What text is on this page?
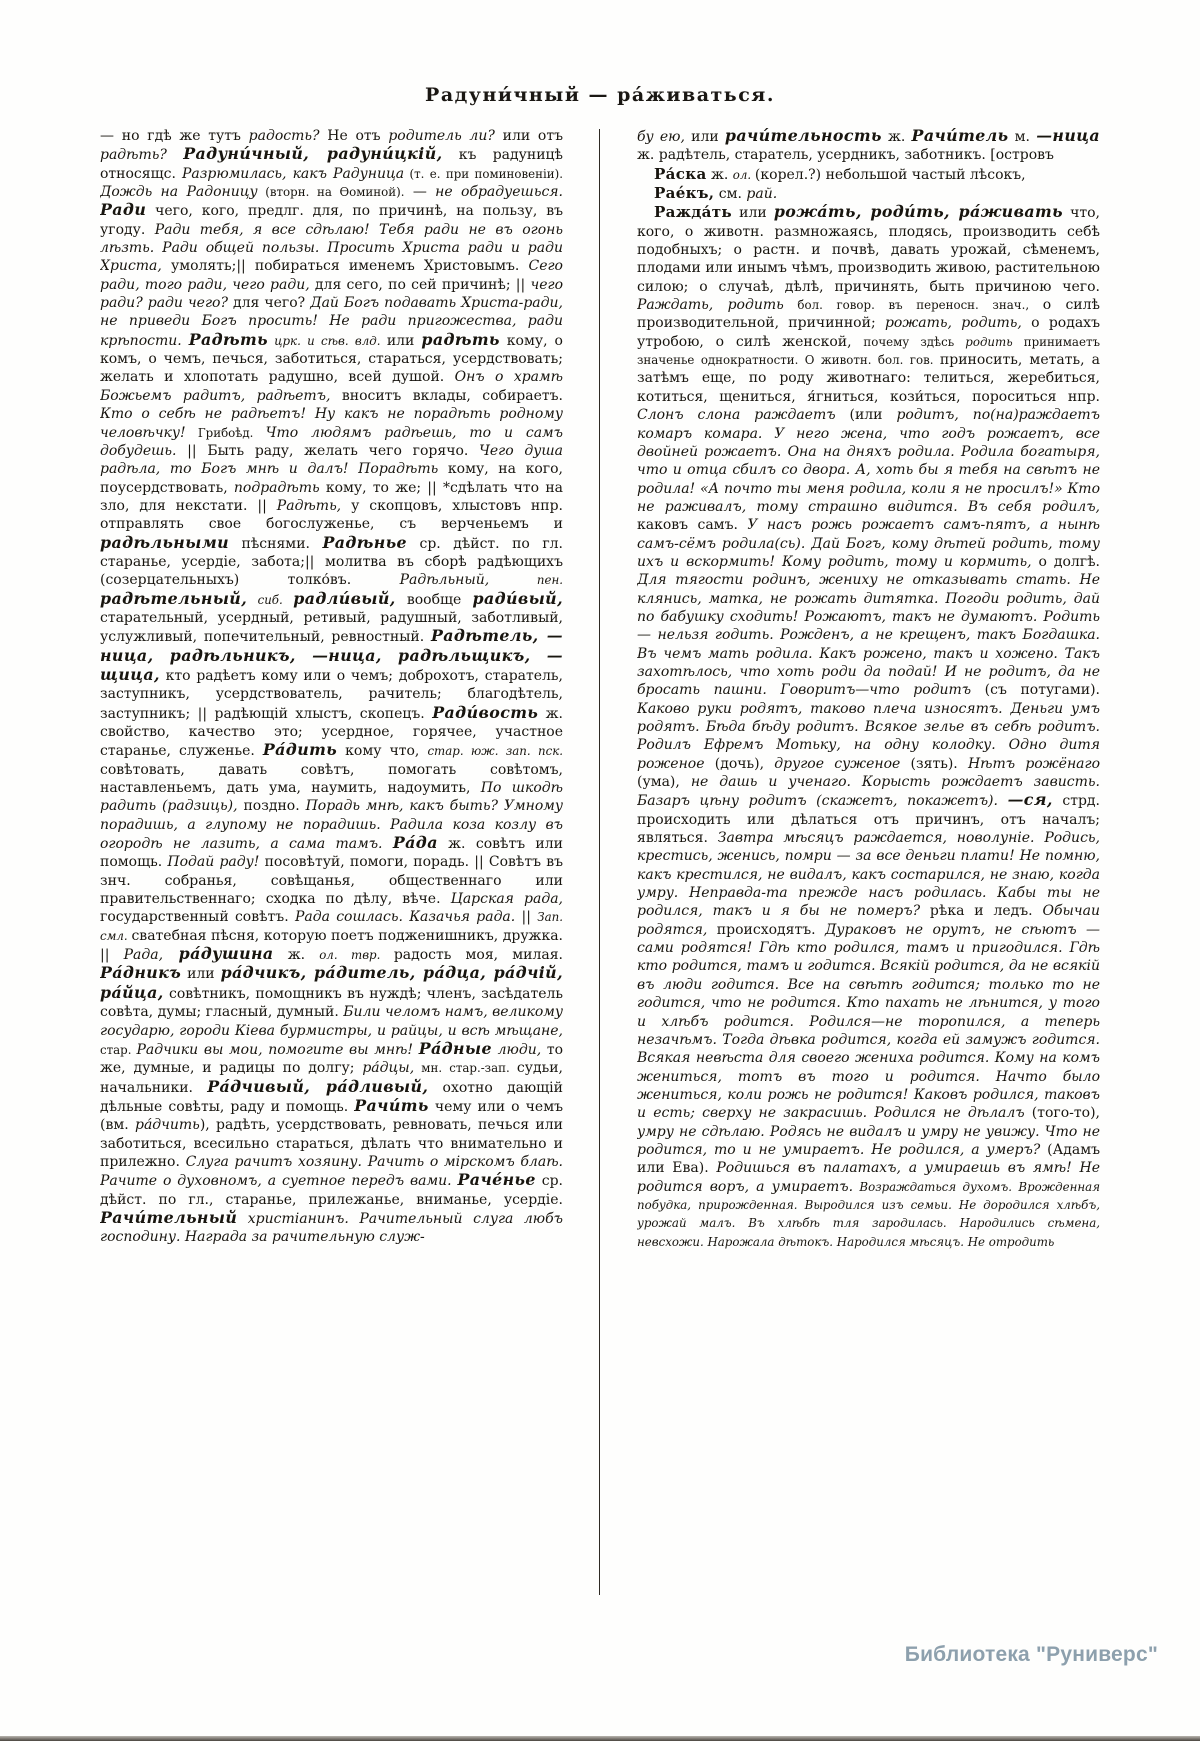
Радуни́чный — ра́живаться.

— но гдѣ же тутъ радость? Не отъ родитель ли? или отъ радѣть? Радуни́чный, радуни́цкій, къ радуницѣ относящс. Разрюмилась, какъ Радуница (т. е. при поминовеніи). Дождь на Радоницу (вторн. на Ѳоминой). — не обрадуешься. Ради чего, кого, предлг. для, по причинѣ, на пользу, въ угоду. Ради тебя, я все сдѣлаю! Тебя ради не въ огонь лѣзть. Ради общей пользы. Просить Христа ради и ради Христа, умолять;|| побираться именемъ Христовымъ. Сего ради, того ради, чего ради, для сего, по сей причинѣ; || чего ради? ради чего? для чего? Дай Богъ подавать Христа-ради, не приведи Богъ просить! Не ради пригожества, ради крѣпости. Радѣть црк. и сѣв. влд. или радѣть кому, о комъ, о чемъ, печься, заботиться, стараться, усердствовать; желать и хлопотать радушно, всей душой. Онъ о храмѣ Божьемъ радитъ, радѣетъ, вноситъ вклады, собираетъ. Кто о себѣ не радѣетъ! Ну какъ не порадѣть родному человѣчку! Грибоѣд. Что людямъ радѣешь, то и самъ добудешь. || Быть раду, желать чего горячо. Чего душа радѣла, то Богъ мнѣ и далъ! Порадѣть кому, на кого, поусердствовать, подрадѣть кому, то же; || *сдѣлать что на зло, для некстати. || Радѣть, у скопцовъ, хлыстовъ нпр. отправлять свое богослуженье, съ верченьемъ и радѣльными пѣснями. Радѣнье ср. дѣйст. по гл. старанье, усердіе, забота;|| молитва въ сборѣ радѣющихъ (созерцательныхъ) толко́въ. Радѣльный, пен. радѣтельный, сиб. радли́вый, вообще ради́вый, старательный, усердный, ретивый, радушный, заботливый, услужливый, попечительный, ревностный. Радѣтель, —ница, радѣльникъ, —ница, радѣльщикъ, —щица, кто радѣетъ кому или о чемъ; доброхотъ, старатель, заступникъ, усердствователь, рачитель; благодѣтель, заступникъ; || радѣющій хлыстъ, скопецъ. Ради́вость ж. свойство, качество это; усердное, горячее, участное старанье, служенье. Ра́дить кому что, стар. юж. зап. пск. совѣтовать, давать совѣтъ, помогать совѣтомъ, наставленьемъ, дать ума, наумить, надоумить, По шкодѣ радить (радзиць), поздно. Порадь мнѣ, какъ быть? Умному порадишь, а глупому не порадишь. Радила коза козлу въ огородѣ не лазить, а сама тамъ. Ра́да ж. совѣтъ или помощь. Подай раду! посовѣтуй, помоги, порадь. || Совѣтъ въ знч. собранья, совѣщанья, общественнаго или правительственнаго; сходка по дѣлу, вѣче. Царская рада, государственный совѣтъ. Рада сошлась. Казачья рада. || Зап. смл. сватебная пѣсня, которую поетъ подженишникъ, дружка. || Рада, ра́душина ж. ол. твр. радость моя, милая. Ра́дникъ или ра́дчикъ, ра́дитель, ра́дца, ра́дчій, ра́йца, совѣтникъ, помощникъ въ нуждѣ; членъ, засѣдатель совѣта, думы; гласный, думный. Били челомъ намъ, великому государю, городи Кіева бурмистры, и райцы, и всѣ мѣщане, стар. Радчики вы мои, помогите вы мнѣ! Ра́дные люди, то же, думные, и радицы по долгу; ра́дцы, мн. стар.-зап. судьи, начальники. Ра́дчивый, ра́дливый, охотно дающій дѣльные совѣты, раду и помощь. Рачи́ть чему или о чемъ (вм. ра́дчить), радѣть, усердствовать, ревновать, печься или заботиться, всесильно стараться, дѣлать что внимательно и прилежно. Слуга рачитъ хозяину. Рачить о мірскомъ блаѣ. Рачите о духовномъ, а суетное передъ вами. Рачéнье ср. дѣйст. по гл., старанье, прилежанье, вниманье, усердіе. Рачи́тельный христіанинъ. Рачительный слуга любъ господину. Награда за рачительную служ-

бу ею, или рачи́тельность ж. Рачи́тель м. —ница ж. радѣтель, старатель, усердникъ, заботникъ. [островъ

Ра́ска ж. ол. (корел.?) небольшой частый лѣсокъ,

Раéкъ, см. рай.

Ражда́ть или рожа́ть, роди́ть, ра́живать что, кого, о животн. размножаясь, плодясь, производить себѣ подобныхъ; о растн. и почвѣ, давать урожай, сѣменемъ, плодами или инымъ чѣмъ, производить живою, растительною силою; о случаѣ, дѣлѣ, причинять, быть причиною чего. Раждать, родить бол. говор. въ переносн. знач., о силѣ производительной, причинной; рожать, родить, о родахъ утробою, о силѣ женской, почему здѣсь родить принимаетъ значенье однократности. О животн. бол. гов. приносить, метать, а затѣмъ еще, по роду животнаго: телиться, жеребиться, котиться, щениться, я́гниться, кози́ться, пороситься нпр. Слонъ слона раждаетъ (или родитъ, по(на)раждаетъ комаръ комара. У него жена, что годъ рожаетъ, все двойней рожаетъ. Она на дняхъ родила. Родила богатыря, что и отца сбилъ со двора. А, хоть бы я тебя на свѣтъ не родила! «А почто ты меня родила, коли я не просилъ!» Кто не раживалъ, тому страшно видится. Въ себя родилъ, каковъ самъ. У насъ рожь рожаетъ самъ-пятъ, а нынѣ самъ-сёмъ родила(сь). Дай Богъ, кому дѣтей родить, тому ихъ и вскормить! Кому родить, тому и кормить, о долгѣ. Для тягости родинъ, жениху не отказывать стать. Не клянись, матка, не рожать дитятка. Погоди родить, дай по бабушку сходить! Рожаютъ, такъ не думаютъ. Родить — нельзя годить. Рожденъ, а не крещенъ, такъ Богдашка. Въ чемъ мать родила. Какъ рожено, такъ и хожено. Такъ захотѣлось, что хоть роди да подай! И не родитъ, да не бросать пашни. Говоритъ—что родитъ (съ потугами). Каково руки родятъ, таково плеча износятъ. Деньги умъ родятъ. Бѣда бѣду родитъ. Всякое зелье въ себѣ родитъ. Родилъ Ефремъ Мотьку, на одну колодку. Одно дитя роженое (дочь), другое суженое (зять). Нѣтъ рожёнаго (ума), не дашь и ученаго. Корысть рождаетъ зависть. Базаръ цѣну родитъ (скажетъ, покажетъ). —ся, стрд. происходить или дѣлаться отъ причинъ, отъ началъ; являться. Завтра мѣсяцъ раждается, новолуніе. Родись, крестись, женись, помри — за все деньги плати! Не помню, какъ крестился, не видалъ, какъ состарился, не знаю, когда умру. Неправда-та прежде насъ родилась. Кабы ты не родился, такъ и я бы не померъ? рѣка и ледъ. Обычаи родятся, происходятъ. Дураковъ не орутъ, не сѣютъ — сами родятся! Гдѣ кто родился, тамъ и пригодился. Гдѣ кто родится, тамъ и годится. Всякій родится, да не всякій въ люди годится. Все на свѣтѣ годится; только то не годится, что не родится. Кто пахать не лѣнится, у того и хлѣбъ родится. Родился—не торопился, а теперь незачѣмъ. Тогда дѣвка родится, когда ей замужъ годится. Всякая невѣста для своего жениха родится. Кому на комъ жениться, тотъ въ того и родится. Начто было жениться, коли рожь не родится! Каковъ родился, таковъ и есть; сверху не закрасишь. Родился не дѣлалъ (того-то), умру не сдѣлаю. Родясь не видалъ и умру не увижу. Что не родится, то и не умираетъ. Не родился, а умеръ? (Адамъ или Ева). Родишься въ палатахъ, а умираешь въ ямѣ! Не родится воръ, а умираетъ. Возраждаться духомъ. Врожденная побудка, прирожденная. Выродился изъ семьи. Не дородился хлѣбъ, урожай малъ. Въ хлѣбѣ тля зародилась. Народились сѣмена, невсхожи. Нарожала дѣтокъ. Народился мѣсяцъ. Не отродить

Библиотека "Руниверс"
